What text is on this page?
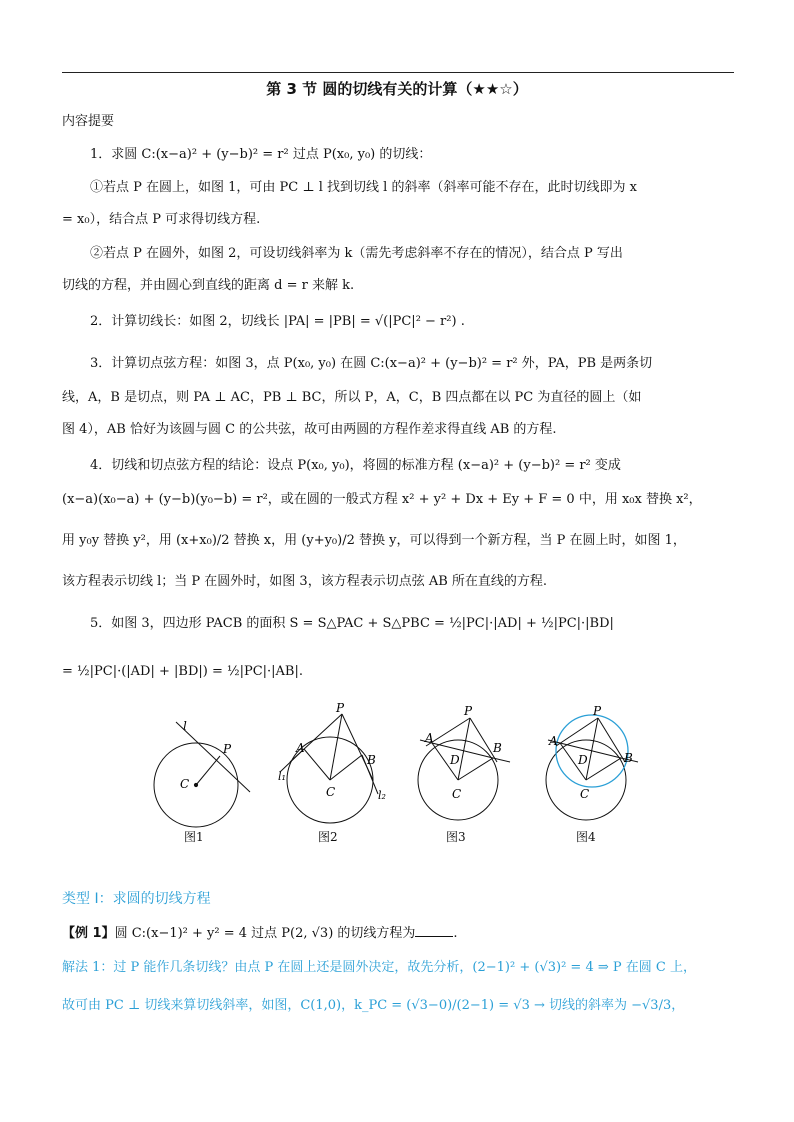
第 3 节 圆的切线有关的计算（★★☆）
内容提要
1．求圆 C:(x−a)² + (y−b)² = r² 过点 P(x₀, y₀) 的切线：
①若点 P 在圆上，如图 1，可由 PC ⊥ l 找到切线 l 的斜率（斜率可能不存在，此时切线即为 x
= x₀），结合点 P 可求得切线方程.
②若点 P 在圆外，如图 2，可设切线斜率为 k（需先考虑斜率不存在的情况），结合点 P 写出
切线的方程，并由圆心到直线的距离 d = r 来解 k.
2．计算切线长：如图 2，切线长 |PA| = |PB| = √(|PC|² − r²) .
3．计算切点弦方程：如图 3，点 P(x₀, y₀) 在圆 C:(x−a)² + (y−b)² = r² 外，PA，PB 是两条切
线，A，B 是切点，则 PA ⊥ AC，PB ⊥ BC，所以 P，A，C，B 四点都在以 PC 为直径的圆上（如
图 4），AB 恰好为该圆与圆 C 的公共弦，故可由两圆的方程作差求得直线 AB 的方程.
4．切线和切点弦方程的结论：设点 P(x₀, y₀)，将圆的标准方程 (x−a)² + (y−b)² = r² 变成
(x−a)(x₀−a) + (y−b)(y₀−b) = r²，或在圆的一般式方程 x² + y² + Dx + Ey + F = 0 中，用 x₀x 替换 x²，
用 y₀y 替换 y²，用 (x+x₀)/2 替换 x，用 (y+y₀)/2 替换 y，可以得到一个新方程，当 P 在圆上时，如图 1，
该方程表示切线 l；当 P 在圆外时，如图 3，该方程表示切点弦 AB 所在直线的方程.
5．如图 3，四边形 PACB 的面积 S = S△PAC + S△PBC = ½|PC|·|AD| + ½|PC|·|BD|
= ½|PC|·(|AD| + |BD|) = ½|PC|·|AB|.
l
P
C
P
A
B
C
l₁
l₂
P
A
B
D
C
P
A
B
D
C
图1	图2	图3	图4
类型 I：求圆的切线方程
【例 1】圆 C:(x−1)² + y² = 4 过点 P(2, √3) 的切线方程为	.
解法 1：过 P 能作几条切线？由点 P 在圆上还是圆外决定，故先分析，(2−1)² + (√3)² = 4 ⇒ P 在圆 C 上，
故可由 PC ⊥ 切线来算切线斜率，如图，C(1,0)，k_PC = (√3−0)/(2−1) = √3 → 切线的斜率为 −√3/3，
